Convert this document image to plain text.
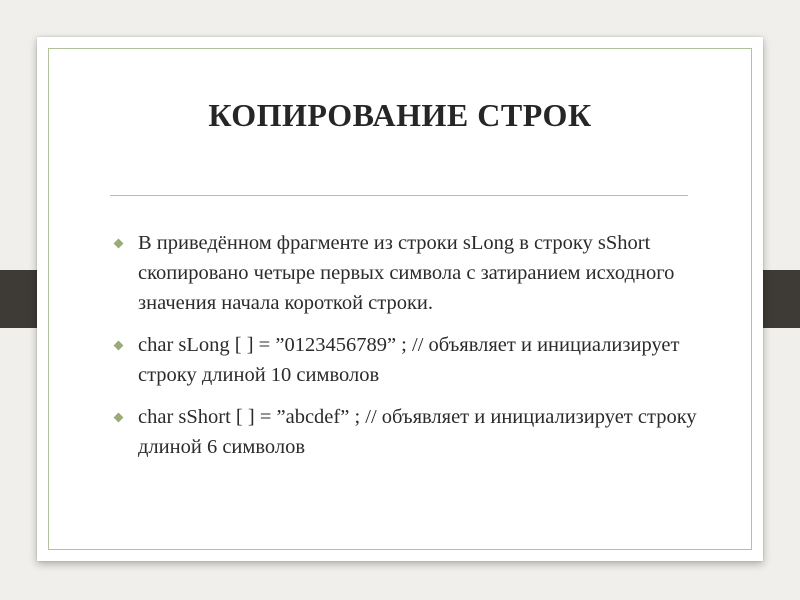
КОПИРОВАНИЕ СТРОК
В приведённом фрагменте из строки sLong в строку sShort скопировано четыре первых символа с затиранием исходного значения начала короткой строки.
char sLong [ ] = ”0123456789” ; // объявляет и инициализирует строку длиной 10 символов
char sShort [ ] = ”abcdef” ; // объявляет и инициализирует строку длиной 6 символов
